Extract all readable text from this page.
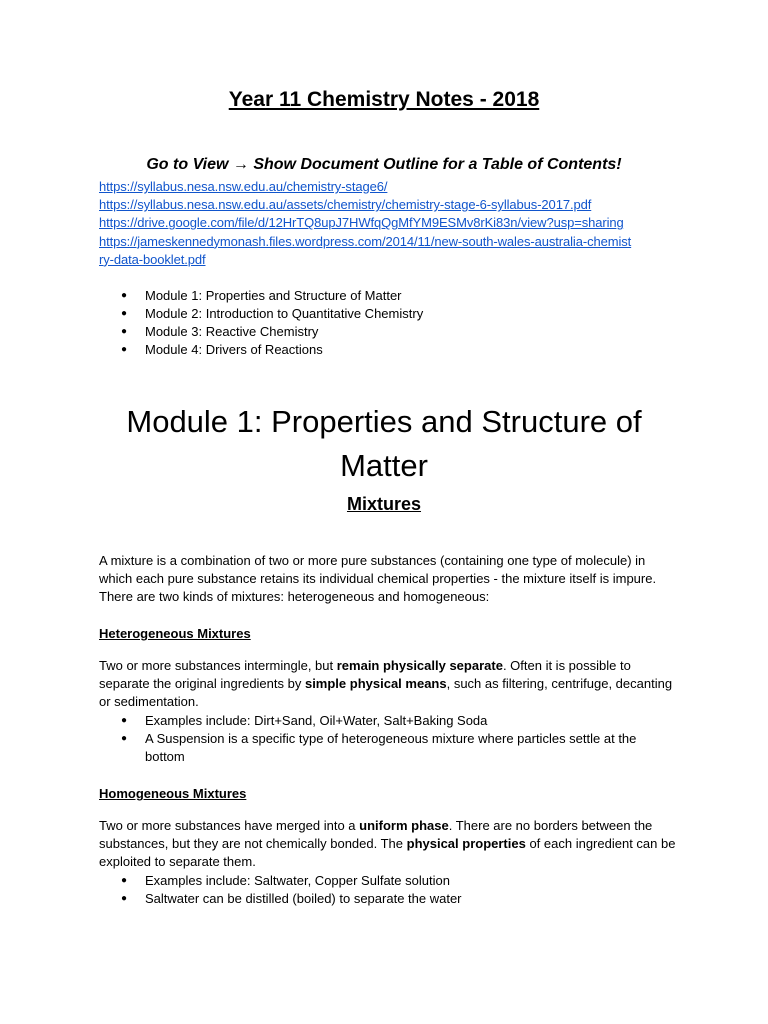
Year 11 Chemistry Notes - 2018

Go to View → Show Document Outline for a Table of Contents!

https://syllabus.nesa.nsw.edu.au/chemistry-stage6/
https://syllabus.nesa.nsw.edu.au/assets/chemistry/chemistry-stage-6-syllabus-2017.pdf
https://drive.google.com/file/d/12HrTQ8upJ7HWfqQgMfYM9ESMv8rKi83n/view?usp=sharing
https://jameskennedymonash.files.wordpress.com/2014/11/new-south-wales-australia-chemist
ry-data-booklet.pdf
● Module 1: Properties and Structure of Matter
● Module 2: Introduction to Quantitative Chemistry
● Module 3: Reactive Chemistry
● Module 4: Drivers of Reactions
Module 1: Properties and Structure of
Matter
Mixtures

A mixture is a combination of two or more pure substances (containing one type of molecule) in which each pure substance retains its individual chemical properties - the mixture itself is impure. There are two kinds of mixtures: heterogeneous and homogeneous:

Heterogeneous Mixtures

Two or more substances intermingle, but remain physically separate. Often it is possible to separate the original ingredients by simple physical means, such as filtering, centrifuge, decanting or sedimentation.

● Examples include: Dirt+Sand, Oil+Water, Salt+Baking Soda
● A Suspension is a specific type of heterogeneous mixture where particles settle at the bottom
Homogeneous Mixtures

Two or more substances have merged into a uniform phase. There are no borders between the substances, but they are not chemically bonded. The physical properties of each ingredient can be exploited to separate them.

● Examples include: Saltwater, Copper Sulfate solution
● Saltwater can be distilled (boiled) to separate the water
